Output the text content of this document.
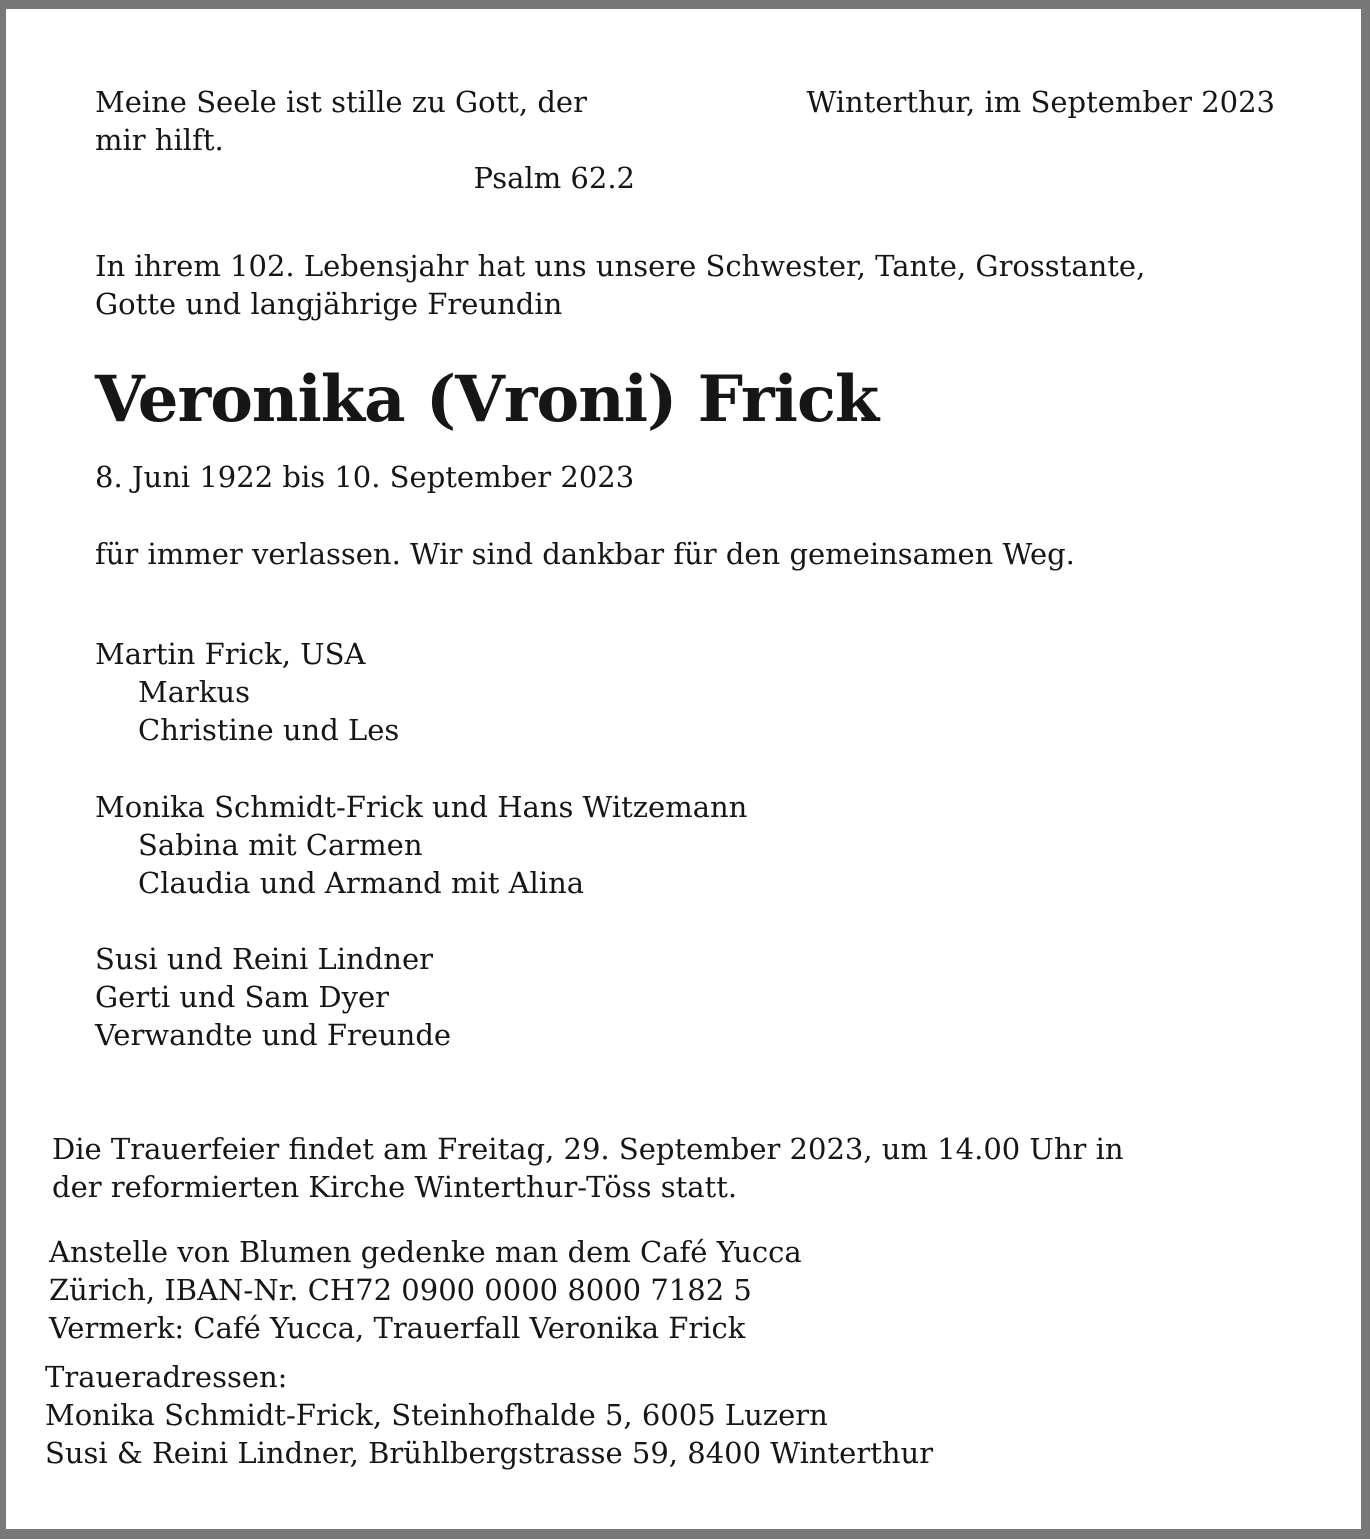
Meine Seele ist stille zu Gott, der mir hilft.
Psalm 62.2
Winterthur, im September 2023
In ihrem 102. Lebensjahr hat uns unsere Schwester, Tante, Grosstante,
Gotte und langjährige Freundin
Veronika (Vroni) Frick
8. Juni 1922 bis 10. September 2023
für immer verlassen. Wir sind dankbar für den gemeinsamen Weg.
Martin Frick, USA
Markus
Christine und Les
Monika Schmidt-Frick und Hans Witzemann
Sabina mit Carmen
Claudia und Armand mit Alina
Susi und Reini Lindner
Gerti und Sam Dyer
Verwandte und Freunde
Die Trauerfeier findet am Freitag, 29. September 2023, um 14.00 Uhr in
der reformierten Kirche Winterthur-Töss statt.
Anstelle von Blumen gedenke man dem Café Yucca
Zürich, IBAN-Nr. CH72 0900 0000 8000 7182 5
Vermerk: Café Yucca, Trauerfall Veronika Frick
Traueradressen:
Monika Schmidt-Frick, Steinhofhalde 5, 6005 Luzern
Susi & Reini Lindner, Brühlbergstrasse 59, 8400 Winterthur
